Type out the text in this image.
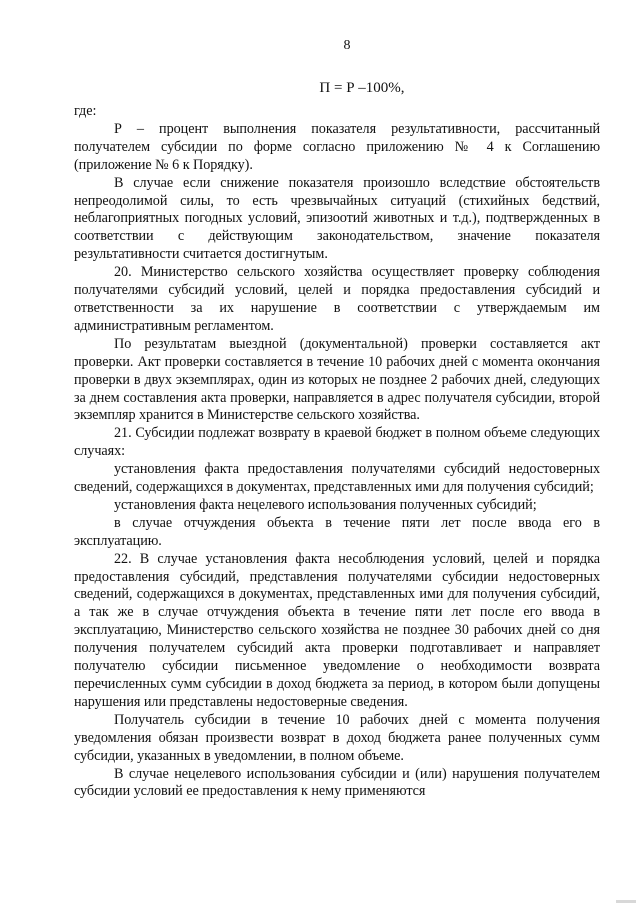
8
П = Р –100%,

где:

Р – процент выполнения показателя результативности, рассчитанный получателем субсидии по форме согласно приложению № 4 к Соглашению (приложение № 6 к Порядку).

В случае если снижение показателя произошло вследствие обстоятельств непреодолимой силы, то есть чрезвычайных ситуаций (стихийных бедствий, неблагоприятных погодных условий, эпизоотий животных и т.д.), подтвержденных в соответствии с действующим законодательством, значение показателя результативности считается достигнутым.

20. Министерство сельского хозяйства осуществляет проверку соблюдения получателями субсидий условий, целей и порядка предоставления субсидий и ответственности за их нарушение в соответствии с утверждаемым им административным регламентом.

По результатам выездной (документальной) проверки составляется акт проверки. Акт проверки составляется в течение 10 рабочих дней с момента окончания проверки в двух экземплярах, один из которых не позднее 2 рабочих дней, следующих за днем составления акта проверки, направляется в адрес получателя субсидии, второй экземпляр хранится в Министерстве сельского хозяйства.

21. Субсидии подлежат возврату в краевой бюджет в полном объеме следующих случаях:

установления факта предоставления получателями субсидий недостоверных сведений, содержащихся в документах, представленных ими для получения субсидий;

установления факта нецелевого использования полученных субсидий;

в случае отчуждения объекта в течение пяти лет после ввода его в эксплуатацию.

22. В случае установления факта несоблюдения условий, целей и порядка предоставления субсидий, представления получателями субсидии недостоверных сведений, содержащихся в документах, представленных ими для получения субсидий, а так же в случае отчуждения объекта в течение пяти лет после его ввода в эксплуатацию, Министерство сельского хозяйства не позднее 30 рабочих дней со дня получения получателем субсидий акта проверки подготавливает и направляет получателю субсидии письменное уведомление о необходимости возврата перечисленных сумм субсидии в доход бюджета за период, в котором были допущены нарушения или представлены недостоверные сведения.

Получатель субсидии в течение 10 рабочих дней с момента получения уведомления обязан произвести возврат в доход бюджета ранее полученных сумм субсидии, указанных в уведомлении, в полном объеме.

В случае нецелевого использования субсидии и (или) нарушения получателем субсидии условий ее предоставления к нему применяются
